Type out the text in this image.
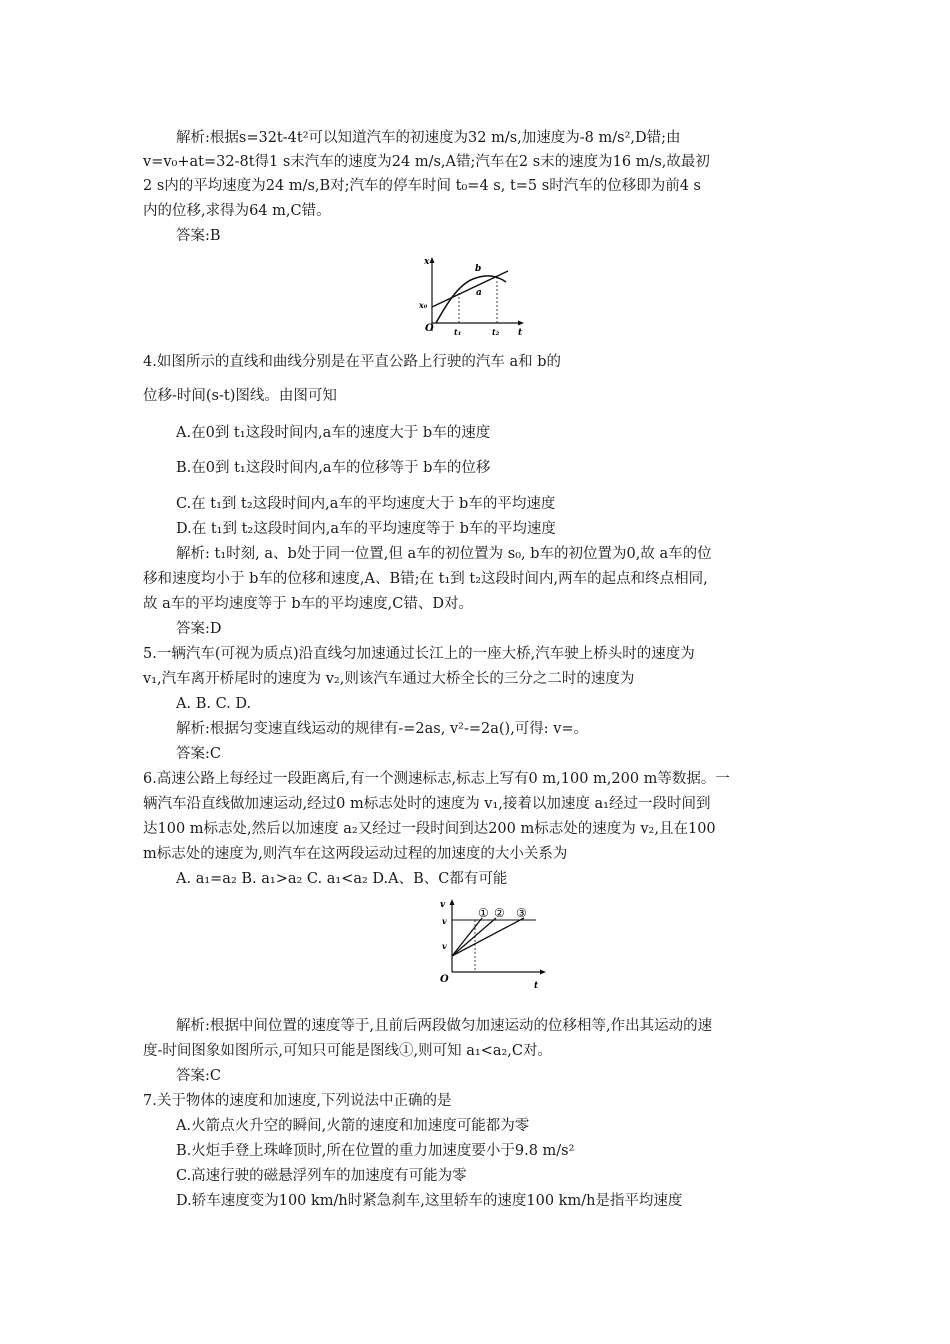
解析:根据s=32t-4t²可以知道汽车的初速度为32 m/s,加速度为-8 m/s²,D错;由
v=v₀+at=32-8t得1 s末汽车的速度为24 m/s,A错;汽车在2 s末的速度为16 m/s,故最初
2 s内的平均速度为24 m/s,B对;汽车的停车时间 t₀=4 s, t=5 s时汽车的位移即为前4 s
内的位移,求得为64 m,C错。
答案:B
x
O
x₀
b
a
t₁	t₂ t
4.如图所示的直线和曲线分别是在平直公路上行驶的汽车 a和 b的
位移-时间(s-t)图线。由图可知
A.在0到 t₁这段时间内,a车的速度大于 b车的速度
B.在0到 t₁这段时间内,a车的位移等于 b车的位移
C.在 t₁到 t₂这段时间内,a车的平均速度大于 b车的平均速度
D.在 t₁到 t₂这段时间内,a车的平均速度等于 b车的平均速度
解析: t₁时刻, a、b处于同一位置,但 a车的初位置为 s₀, b车的初位置为0,故 a车的位
移和速度均小于 b车的位移和速度,A、B错;在 t₁到 t₂这段时间内,两车的起点和终点相同,
故 a车的平均速度等于 b车的平均速度,C错、D对。
答案:D
5.一辆汽车(可视为质点)沿直线匀加速通过长江上的一座大桥,汽车驶上桥头时的速度为
v₁,汽车离开桥尾时的速度为 v₂,则该汽车通过大桥全长的三分之二时的速度为
A. B. C. D.
解析:根据匀变速直线运动的规律有-=2as, v²-=2a(),可得: v=。
答案:C
6.高速公路上每经过一段距离后,有一个测速标志,标志上写有0 m,100 m,200 m等数据。一
辆汽车沿直线做加速运动,经过0 m标志处时的速度为 v₁,接着以加速度 a₁经过一段时间到
达100 m标志处,然后以加速度 a₂又经过一段时间到达200 m标志处的速度为 v₂,且在100
m标志处的速度为,则汽车在这两段运动过程的加速度的大小关系为
A. a₁=a₂ B. a₁>a₂ C. a₁<a₂ D.A、B、C都有可能
v
O
t
v
v
① ② ③
解析:根据中间位置的速度等于,且前后两段做匀加速运动的位移相等,作出其运动的速
度-时间图象如图所示,可知只可能是图线①,则可知 a₁<a₂,C对。
答案:C
7.关于物体的速度和加速度,下列说法中正确的是
A.火箭点火升空的瞬间,火箭的速度和加速度可能都为零
B.火炬手登上珠峰顶时,所在位置的重力加速度要小于9.8 m/s²
C.高速行驶的磁悬浮列车的加速度有可能为零
D.轿车速度变为100 km/h时紧急刹车,这里轿车的速度100 km/h是指平均速度
